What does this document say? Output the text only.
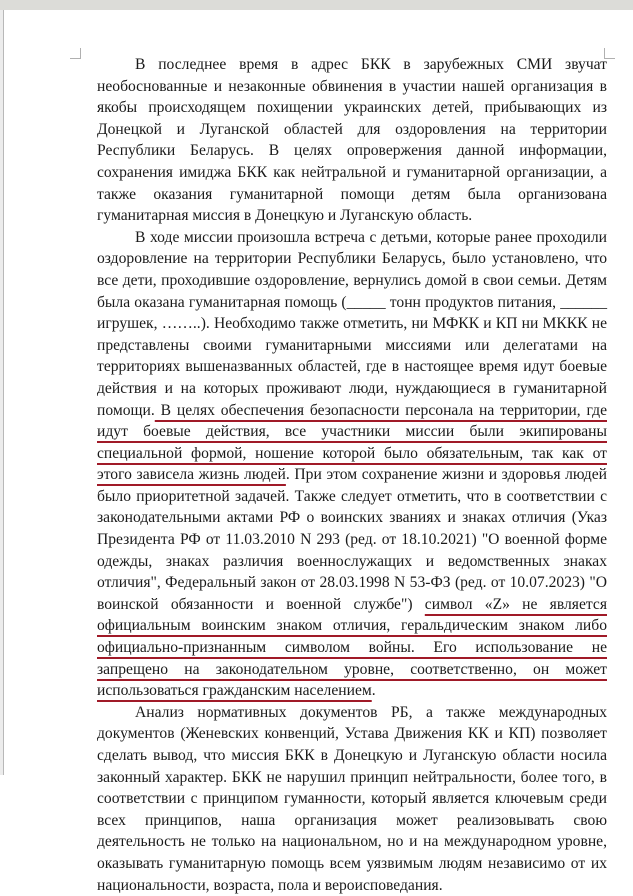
В последнее время в адрес БКК в зарубежных СМИ звучат необоснованные и незаконные обвинения в участии нашей организация в якобы происходящем похищении украинских детей, прибывающих из Донецкой и Луганской областей для оздоровления на территории Республики Беларусь. В целях опровержения данной информации, сохранения имиджа БКК как нейтральной и гуманитарной организации, а также оказания гуманитарной помощи детям была организована гуманитарная миссия в Донецкую и Луганскую область.

В ходе миссии произошла встреча с детьми, которые ранее проходили оздоровление на территории Республики Беларусь, было установлено, что все дети, проходившие оздоровление, вернулись домой в свои семьи. Детям была оказана гуманитарная помощь (_____ тонн продуктов питания, ______ игрушек, ……..). Необходимо также отметить, ни МФКК и КП ни МККК не представлены своими гуманитарными миссиями или делегатами на территориях вышеназванных областей, где в настоящее время идут боевые действия и на которых проживают люди, нуждающиеся в гуманитарной помощи. В целях обеспечения безопасности персонала на территории, где идут боевые действия, все участники миссии были экипированы специальной формой, ношение которой было обязательным, так как от этого зависела жизнь людей. При этом сохранение жизни и здоровья людей было приоритетной задачей. Также следует отметить, что в соответствии с законодательными актами РФ о воинских званиях и знаках отличия (Указ Президента РФ от 11.03.2010 N 293 (ред. от 18.10.2021) "О военной форме одежды, знаках различия военнослужащих и ведомственных знаках отличия", Федеральный закон от 28.03.1998 N 53-ФЗ (ред. от 10.07.2023) "О воинской обязанности и военной службе") символ «Z» не является официальным воинским знаком отличия, геральдическим знаком либо официально-признанным символом войны. Его использование не запрещено на законодательном уровне, соответственно, он может использоваться гражданским населением.

Анализ нормативных документов РБ, а также международных документов (Женевских конвенций, Устава Движения КК и КП) позволяет сделать вывод, что миссия БКК в Донецкую и Луганскую области носила законный характер. БКК не нарушил принцип нейтральности, более того, в соответствии с принципом гуманности, который является ключевым среди всех принципов, наша организация может реализовывать свою деятельность не только на национальном, но и на международном уровне, оказывать гуманитарную помощь всем уязвимым людям независимо от их национальности, возраста, пола и вероисповедания.
